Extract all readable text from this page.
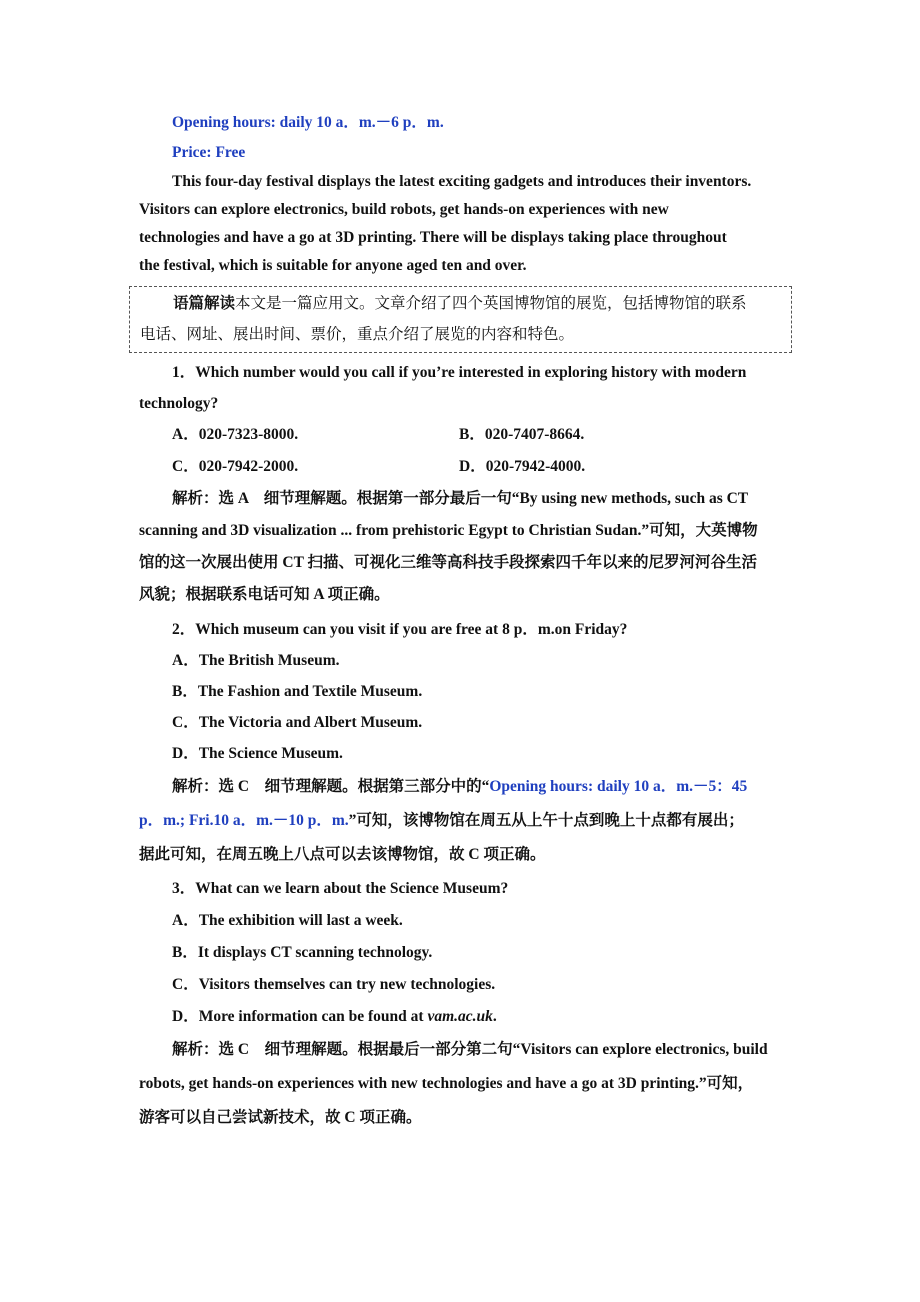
Opening hours: daily 10 a．m.－6 p．m.
Price: Free
This four-day festival displays the latest exciting gadgets and introduces their inventors.
Visitors can explore electronics, build robots, get hands-on experiences with new
technologies and have a go at 3D printing. There will be displays taking place throughout
the festival, which is suitable for anyone aged ten and over.
语篇解读本文是一篇应用文。文章介绍了四个英国博物馆的展览，包括博物馆的联系
电话、网址、展出时间、票价，重点介绍了展览的内容和特色。
1．Which number would you call if you’re interested in exploring history with modern
technology?
A．020-7323-8000.	B．020-7407-8664.
C．020-7942-2000.	D．020-7942-4000.
解析：选 A　细节理解题。根据第一部分最后一句“By using new methods, such as CT
scanning and 3D visualization ... from prehistoric Egypt to Christian Sudan.”可知，大英博物
馆的这一次展出使用 CT 扫描、可视化三维等高科技手段探索四千年以来的尼罗河河谷生活
风貌；根据联系电话可知 A 项正确。
2．Which museum can you visit if you are free at 8 p．m.on Friday?
A．The British Museum.
B．The Fashion and Textile Museum.
C．The Victoria and Albert Museum.
D．The Science Museum.
解析：选 C　细节理解题。根据第三部分中的“Opening hours: daily 10 a．m.－5：45
p．m.; Fri.10 a．m.－10 p．m.”可知，该博物馆在周五从上午十点到晚上十点都有展出；
据此可知，在周五晚上八点可以去该博物馆，故 C 项正确。
3．What can we learn about the Science Museum?
A．The exhibition will last a week.
B．It displays CT scanning technology.
C．Visitors themselves can try new technologies.
D．More information can be found at vam.ac.uk.
解析：选 C　细节理解题。根据最后一部分第二句“Visitors can explore electronics, build
robots, get hands-on experiences with new technologies and have a go at 3D printing.”可知，
游客可以自己尝试新技术，故 C 项正确。
